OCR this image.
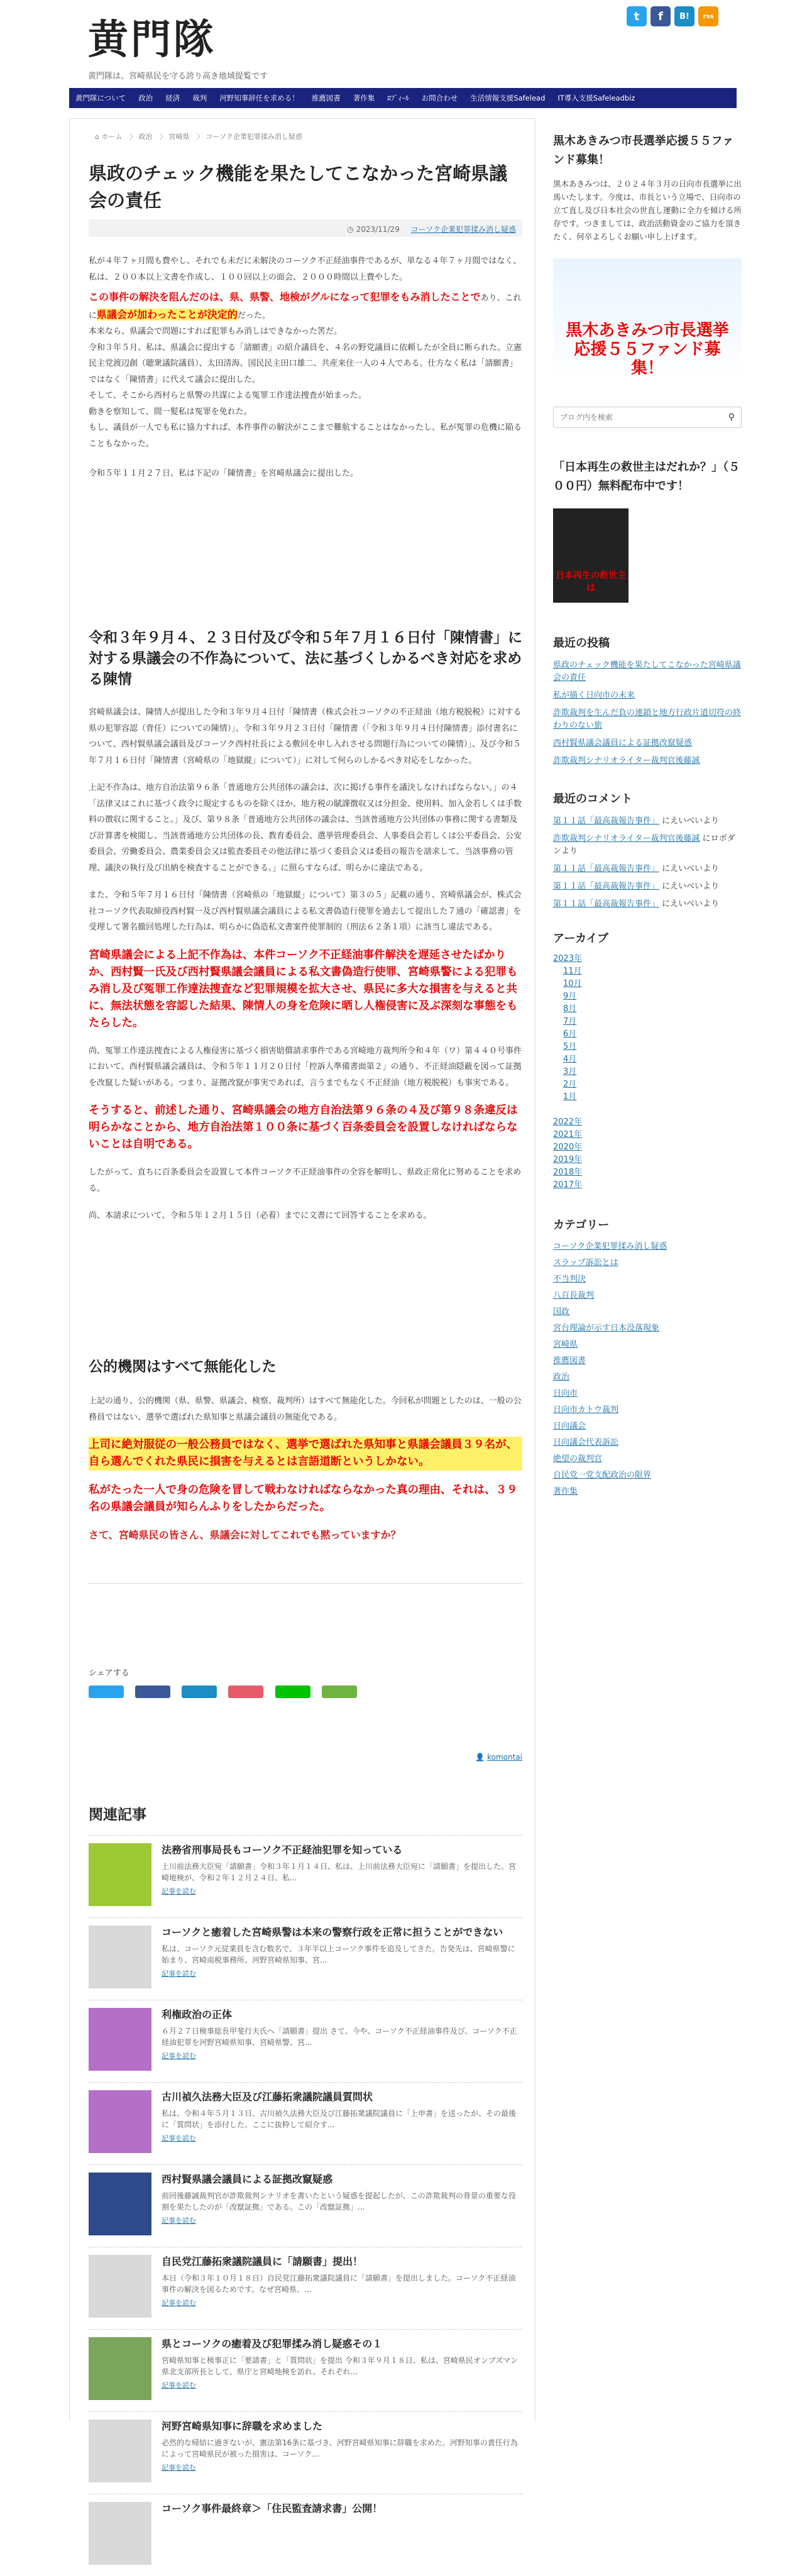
黄門隊
黄門隊は、宮崎県民を守る誇り高き地域提覧です
t	f	B!	rss
黄門隊について	政治	経済	裁判	河野知事辞任を求める！	推薦図書	著作集	ﾛﾌﾟｨｰﾙ	お問合わせ	生活情報支援Safelead	IT導入支援Safeleadbiz
⌂ ホーム 〉 政治 〉 宮崎県 〉 コーソク企業犯罪揉み消し疑惑
県政のチェック機能を果たしてこなかった宮崎県議会の責任
◷ 2023/11/29 コーソク企業犯罪揉み消し疑惑

私が４年７ヶ月間も費やし、それでも未だに未解決のコーソク不正経油事件であるが、単なる４年７ヶ月間ではなく、私は、２００本以上文書を作成し、１００回以上の面会、２０００時間以上費やした。

この事件の解決を阻んだのは、県、県警、地検がグルになって犯罪をもみ消したことであり、これに県議会が加わったことが決定的だった。

本来なら、県議会で問題にすれば犯罪もみ消しはできなかった筈だ。

令和３年５月、私は、県議会に提出する「請願書」の紹介議員を、４名の野党議員に依頼したが全員に断られた。立憲民主党渡辺創（聴衆議院議員）、太田清海、国民民主田口雄二、共産来住一人の４人である。仕方なく私は「請願書」ではなく「陳情書」に代えて議会に提出した。

そして、そこから西村らと県警の共謀による冤罪工作達法捜査が始まった。

動きを察知して、間一髪私は冤罪を免れた。

もし、議員が一人でも私に協力すれば、本件事件の解決がここまで難航することはなかったし、私が冤罪の危機に陥ることもなかった。

令和５年１１月２７日、私は下記の「陳情書」を宮崎県議会に提出した。

令和３年９月４、２３日付及び令和５年７月１６日付「陳情書」に対する県議会の不作為について、法に基づくしかるべき対応を求める陳情

宮崎県議会は、陳情人が提出した令和３年９月４日付「陳情書（株式会社コーソクの不正経油（地方税脱税）に対する県の犯罪容認（背任）についての陳情）」、令和３年９月２３日付「陳情書（「令和３年９月４日付陳情書」添付書名について、西村賢県議会議員及びコーソク西村社長による敷回を申し入れさせる問題行為についての陳情）」、及び令和５年７月１６日付「陳情書（宮崎県の「地獄縦」について）」に対して何らのしかるべき対応をしなかった。

上記不作為は、地方自治法第９６条「普通地方公共団体の議会は、次に掲げる事件を議決しなければならない。」の４「法律又はこれに基づく政令に規定するものを除くほか、地方税の賦課徴収又は分担金、使用料、加入金若しくは手数料の徴収に関すること。」及び、第９８条「普通地方公共団体の議会は、当該普通地方公共団体の事務に関する書類及び計算書を検閲し、当該普通地方公共団体の長、教育委員会、選挙管理委員会、人事委員会若しくは公平委員会、公安委員会、労働委員会、農業委員会又は監査委員その他法律に基づく委員会又は委員の報告を請求して、当該事務の管理、議決の執行及び出納を検査することができる。」に照らすならば、明らかに違法である。

また、令和５年７月１６日付「陳情書（宮崎県の「地獄縦」について）第３の５」記載の通り、宮崎県議会が、株式会社コーソク代表取締役西村賢一及び西村賢県議会議員による私文書偽造行使罪を過去して提出した７通の「確認書」を受理して署名撤回処理した行為は、明らかに偽造私文書案件使罪制的（刑法６２条１項）に該当し違法である。

宮崎県議会による上記不作為は、本件コーソク不正経油事件解決を遅延させたばかりか、西村賢一氏及び西村賢県議会議員による私文書偽造行使罪、宮崎県警による犯罪もみ消し及び冤罪工作達法捜査など犯罪規模を拡大させ、県民に多大な損害を与えると共に、無法状態を容認した結果、陳情人の身を危険に晒し人権侵害に及ぶ深刻な事態をもたらした。

尚、冤罪工作達法捜査による人権侵害に基づく損害賠償請求事件である宮崎地方裁判所令和４年（ワ）第４４０号事件において、西村賢県議会議員は、令和５年１１月２０日付「控訴人準備書面第２」の通り、不正経油隠蔽を図って証拠を改竄した疑いがある。つまり、証拠改竄が事実であれば、言うまでもなく不正経油（地方税脱税）も事実である。

そうすると、前述した通り、宮崎県議会の地方自治法第９６条の４及び第９８条違反は明らかなことから、地方自治法第１００条に基づく百条委員会を設置しなければならないことは自明である。

したがって、直ちに百条委員会を設置して本件コーソク不正経油事件の全容を解明し、県政正常化に努めることを求める。

尚、本請求について、令和５年１２月１５日（必着）までに文書にて回答することを求める。

公的機関はすべて無能化した

上記の通り、公的機関（県、県警、県議会、検察、裁判所）はすべて無能化した。今回私が問題としたのは、一般の公務員ではない、選挙で選ばれた県知事と県議会議員の無能化である。

上司に絶対服従の一般公務員ではなく、選挙で選ばれた県知事と県議会議員３９名が、自ら選んでくれた県民に損害を与えるとは言語道断というしかない。

私がたった一人で身の危険を冒して戦わなければならなかった真の理由、それは、３９名の県議会議員が知らんふりをしたからだった。

さて、宮崎県民の皆さん、県議会に対してこれでも黙っていますか？

シェアする

👤 komontai
関連記事
法務省刑事局長もコーソク不正経油犯罪を知っている
上川前法務大臣宛「請願書」令和３年１月１４日、私は、上川前法務大臣宛に「請願書」を提出した。宮崎地検が、令和２年１２月２４日、私...
記事を読む
コーソクと癒着した宮崎県警は本来の警察行政を正常に担うことができない
私は、コーソク元従業員を含む数名で、３年半以上コーソク事件を追及してきた。告発先は、宮崎県警に始まり、宮崎南税事務所、河野宮崎県知事、宮...
記事を読む
利権政治の正体
６月２７日検事総長甲斐行夫氏へ「請願書」提出 さて、今や、コーソク不正経油事件及び、コーソク不正経油犯罪を河野宮崎県知事、宮崎県警、宮...
記事を読む
古川禎久法務大臣及び江藤拓衆議院議員質問状
私は、令和４年５月１３日、古川禎久法務大臣及び江藤拓衆議院議員に「上申書」を送ったが、その最後に「質問状」を添付した。ここに抜粋して紹介す...
記事を読む
西村賢県議会議員による証拠改竄疑惑
前回後藤誠裁判官が詐欺裁判シナリオを書いたという疑惑を提起したが、この詐欺裁判の背景の重要な役割を果たしたのが「改竄証拠」である。この「改竄証拠」...
記事を読む
自民党江藤拓衆議院議員に「請願書」提出！
本日（令和３年１０月１８日）自民党江藤拓衆議院議員に「請願書」を提出しました。コーソク不正経油事件の解決を図るためです。なぜ宮崎県、...
記事を読む
県とコーソクの癒着及び犯罪揉み消し疑惑その１
宮崎県知事と検事正に「要請書」と「質問状」を提出 令和３年９月１８日、私は、宮崎県民オンブズマン県北支部所長として、県庁と宮崎地検を訪れ、それぞれ...
記事を読む
河野宮崎県知事に辞職を求めました
必然的な帰結に過ぎないが、憲法第16条に基づき、河野宮崎県知事に辞職を求めた。河野知事の責任行為によって宮崎県民が被った損害は、コーソク...
記事を読む
コーソク事件最終章＞「住民監査請求書」公開！
黒木あきみつ市長選挙応援５５ファンド募集！

黒木あきみつは、２０２４年３月の日向市長選挙に出馬いたします。今度は、市長という立場で、日向市の立て直し及び日本社会の世直し運動に全力を傾ける所存です。つきましては、政治活動資金のご協力を頂きたく、何卒よろしくお願い申し上げます。

黒木あきみつ市長選挙応援５５ファンド募集！
ブログ内を検索
⚲
「日本再生の救世主はだれか？」（５００円）無料配布中です！
日本再生の救世主は
最近の投稿
県政のチェック機能を果たしてこなかった宮崎県議会の責任
私が描く日向市の未来
詐欺裁判を生んだ負の連鎖と地方行政片道切符の終わりのない旅
西村賢県議会議員による証拠改竄疑惑
詐欺裁判シナリオライター裁判官後藤誠
最近のコメント
第１１話「最高裁報告事件」 にえいべいより
詐欺裁判シナリオライター裁判官後藤誠 にロボダンより
第１１話「最高裁報告事件」 にえいべいより
第１１話「最高裁報告事件」 にえいべいより
第１１話「最高裁報告事件」 にえいべいより
アーカイブ
2023年
11月
10月
9月
8月
7月
6月
5月
4月
3月
2月
1月
2022年
2021年
2020年
2019年
2018年
2017年
カテゴリー
コーソク企業犯罪揉み消し疑惑
スラップ訴訟とは
不当判決
八百長裁判
国政
宮台理論が示す日本没落現象
宮崎県
推薦図書
政治
日向市
日向市カトウ裁判
日向議会
日向議会代表訴訟
絶望の裁判官
自民党一党支配政治の限界
著作集
